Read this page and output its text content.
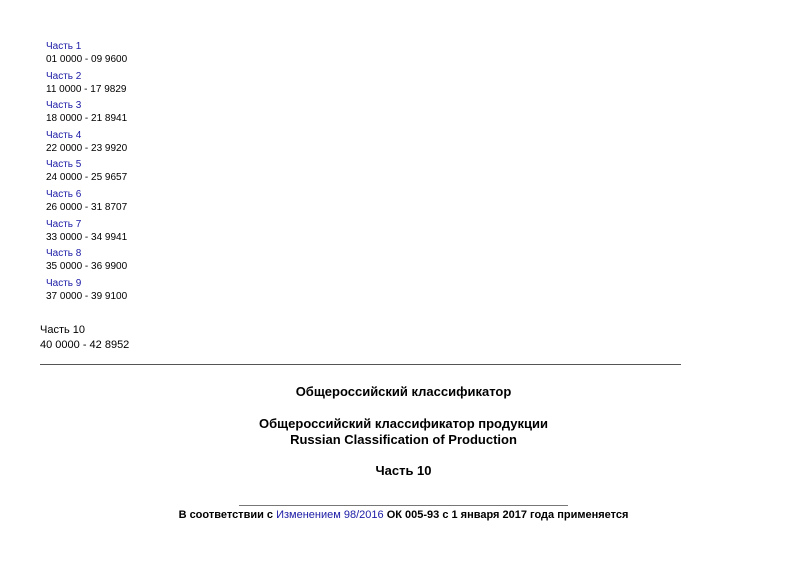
Часть 1
01 0000 - 09 9600
Часть 2
11 0000 - 17 9829
Часть 3
18 0000 - 21 8941
Часть 4
22 0000 - 23 9920
Часть 5
24 0000 - 25 9657
Часть 6
26 0000 - 31 8707
Часть 7
33 0000 - 34 9941
Часть 8
35 0000 - 36 9900
Часть 9
37 0000 - 39 9100
Часть 10
40 0000 - 42 8952
Общероссийский классификатор
Общероссийский классификатор продукции
Russian Classification of Production
Часть 10
В соответствии с Изменением 98/2016 ОК 005-93 с 1 января 2017 года применяется
